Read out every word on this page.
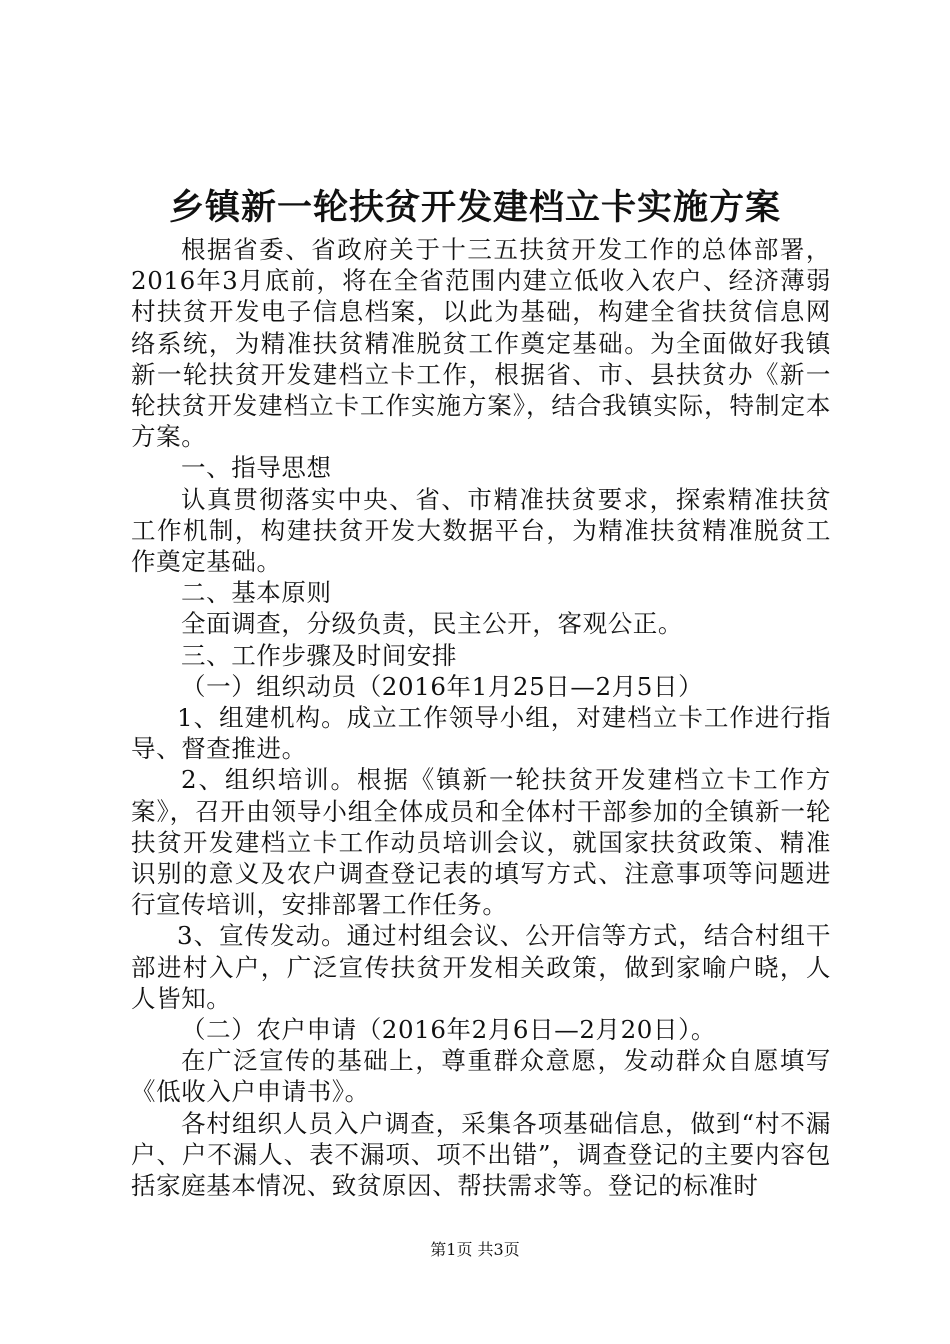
乡镇新一轮扶贫开发建档立卡实施方案

根据省委、省政府关于十三五扶贫开发工作的总体部署，2016年3月底前，将在全省范围内建立低收入农户、经济薄弱村扶贫开发电子信息档案，以此为基础，构建全省扶贫信息网络系统，为精准扶贫精准脱贫工作奠定基础。为全面做好我镇新一轮扶贫开发建档立卡工作，根据省、市、县扶贫办《新一轮扶贫开发建档立卡工作实施方案》，结合我镇实际，特制定本方案。

一、指导思想

认真贯彻落实中央、省、市精准扶贫要求，探索精准扶贫工作机制，构建扶贫开发大数据平台，为精准扶贫精准脱贫工作奠定基础。

二、基本原则

全面调查，分级负责，民主公开，客观公正。

三、工作步骤及时间安排

（一）组织动员（2016年1月25日—2月5日）

1、组建机构。成立工作领导小组，对建档立卡工作进行指导、督查推进。

2、组织培训。根据《镇新一轮扶贫开发建档立卡工作方案》，召开由领导小组全体成员和全体村干部参加的全镇新一轮扶贫开发建档立卡工作动员培训会议，就国家扶贫政策、精准识别的意义及农户调查登记表的填写方式、注意事项等问题进行宣传培训，安排部署工作任务。

3、宣传发动。通过村组会议、公开信等方式，结合村组干部进村入户，广泛宣传扶贫开发相关政策，做到家喻户晓，人人皆知。

（二）农户申请（2016年2月6日—2月20日）。

在广泛宣传的基础上，尊重群众意愿，发动群众自愿填写《低收入户申请书》。

各村组织人员入户调查，采集各项基础信息，做到“村不漏户、户不漏人、表不漏项、项不出错”，调查登记的主要内容包括家庭基本情况、致贫原因、帮扶需求等。登记的标准时

第1页 共3页
